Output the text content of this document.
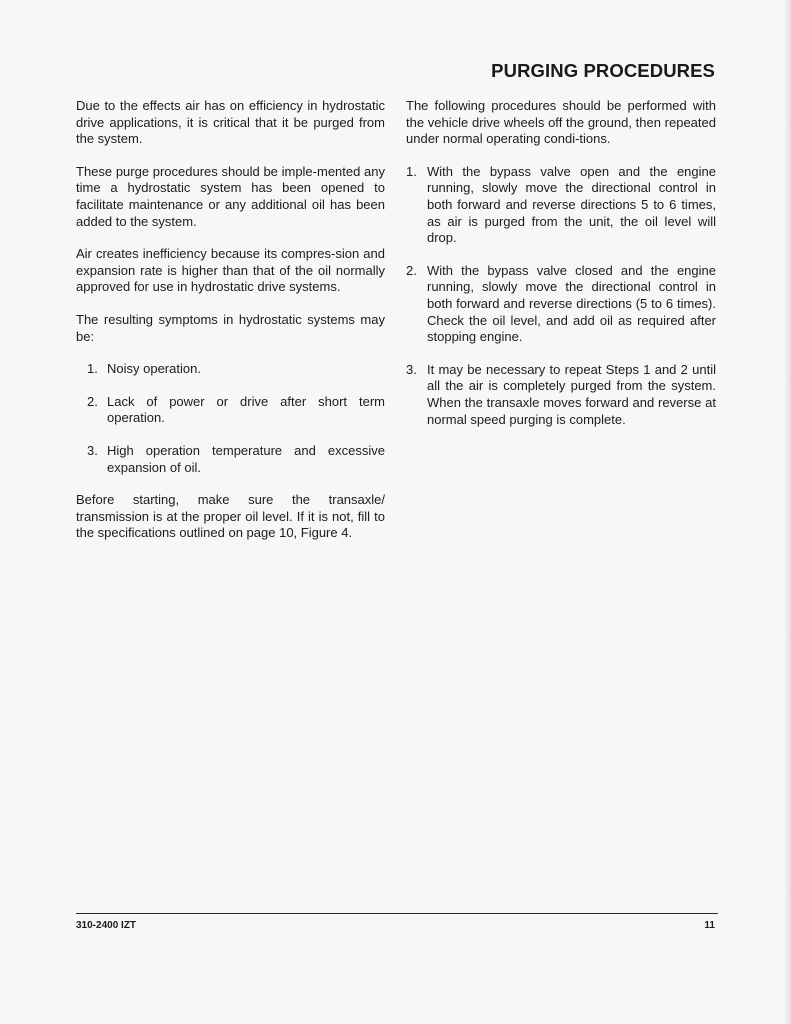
PURGING PROCEDURES

Due to the effects air has on efficiency in hydrostatic drive applications, it is critical that it be purged from the system.

These purge procedures should be imple-mented any time a hydrostatic system has been opened to facilitate maintenance or any additional oil has been added to the system.

Air creates inefficiency because its compres-sion and expansion rate is higher than that of the oil normally approved for use in hydrostatic drive systems.

The resulting symptoms in hydrostatic systems may be:

1. Noisy operation.
2. Lack of power or drive after short term operation.
3. High operation temperature and excessive expansion of oil.

Before starting, make sure the transaxle/ transmission is at the proper oil level. If it is not, fill to the specifications outlined on page 10, Figure 4.

The following procedures should be performed with the vehicle drive wheels off the ground, then repeated under normal operating condi-tions.

1. With the bypass valve open and the engine running, slowly move the directional control in both forward and reverse directions 5 to 6 times, as air is purged from the unit, the oil level will drop.
2. With the bypass valve closed and the engine running, slowly move the directional control in both forward and reverse directions (5 to 6 times). Check the oil level, and add oil as required after stopping engine.
3. It may be necessary to repeat Steps 1 and 2 until all the air is completely purged from the system. When the transaxle moves forward and reverse at normal speed purging is complete.
310-2400 IZT	11
